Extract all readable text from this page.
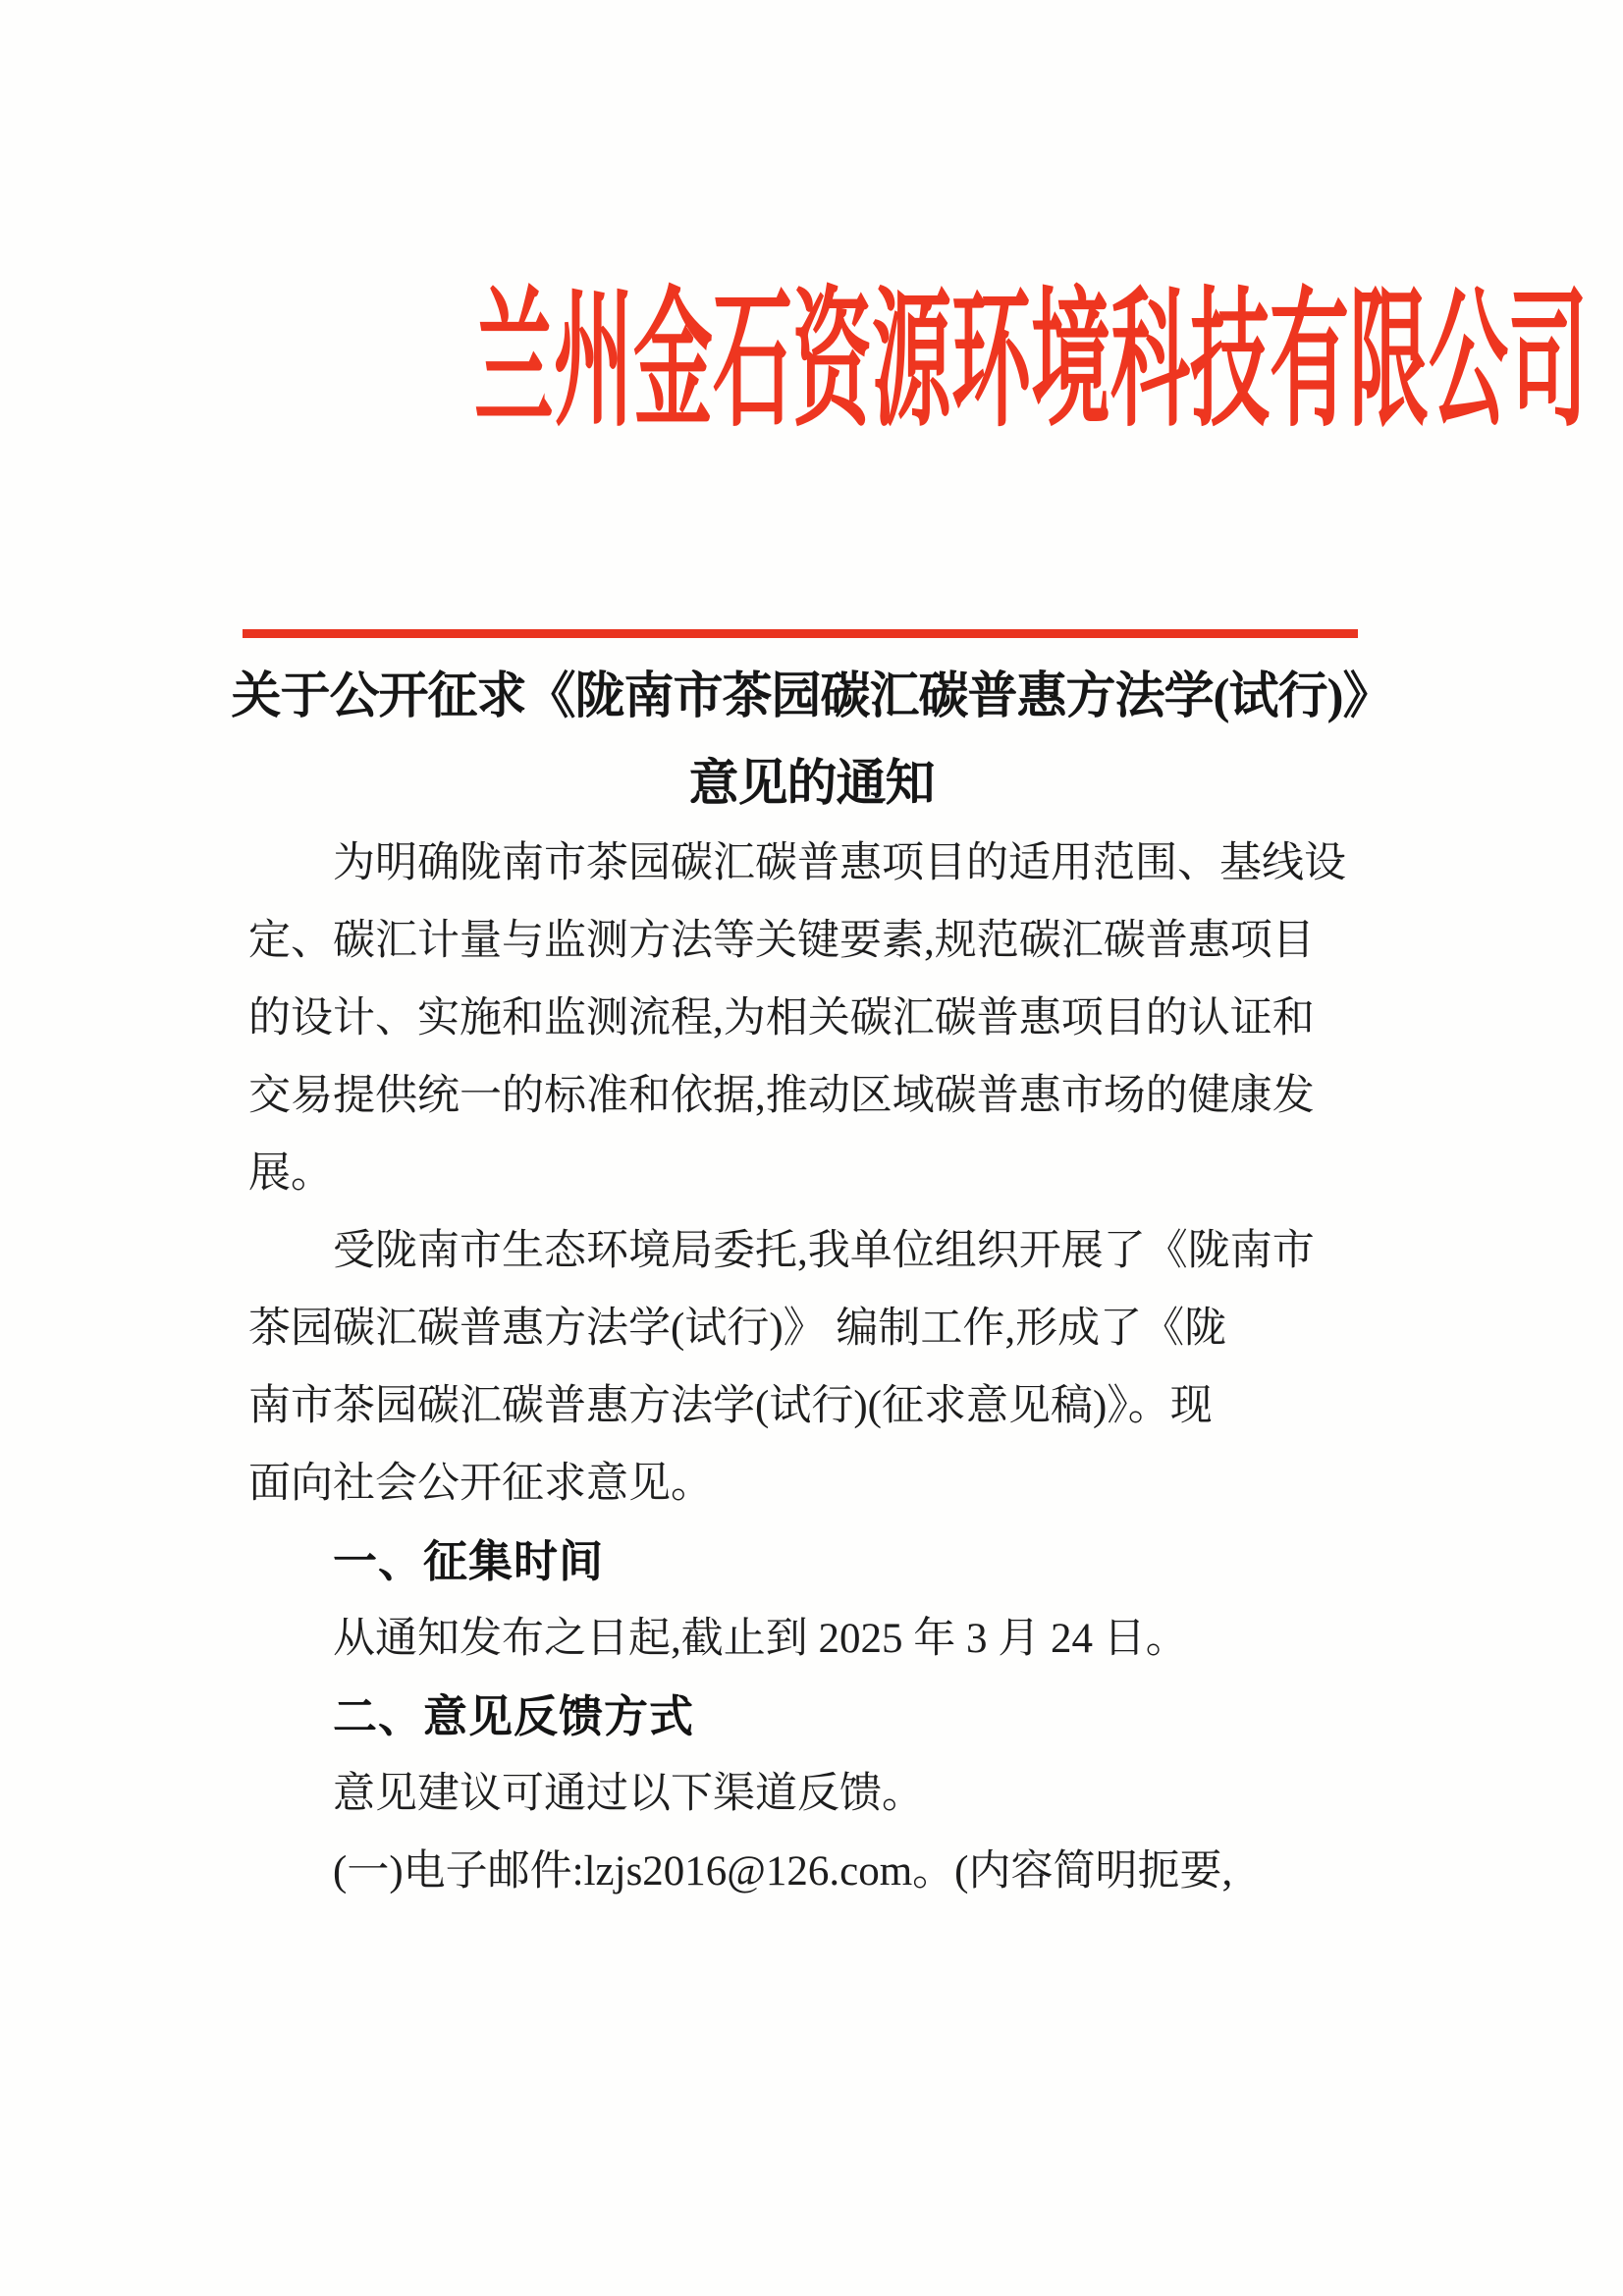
兰州金石资源环境科技有限公司
关于公开征求《陇南市茶园碳汇碳普惠方法学(试行)》
意见的通知
为明确陇南市茶园碳汇碳普惠项目的适用范围、基线设
定、碳汇计量与监测方法等关键要素,规范碳汇碳普惠项目
的设计、实施和监测流程,为相关碳汇碳普惠项目的认证和
交易提供统一的标准和依据,推动区域碳普惠市场的健康发
展。
受陇南市生态环境局委托,我单位组织开展了《陇南市
茶园碳汇碳普惠方法学(试行)》 编制工作,形成了《陇
南市茶园碳汇碳普惠方法学(试行)(征求意见稿)》。现
面向社会公开征求意见。
一、征集时间
从通知发布之日起,截止到 2025 年 3 月 24 日。
二、意见反馈方式
意见建议可通过以下渠道反馈。
(一)电子邮件:lzjs2016@126.com。(内容简明扼要,
